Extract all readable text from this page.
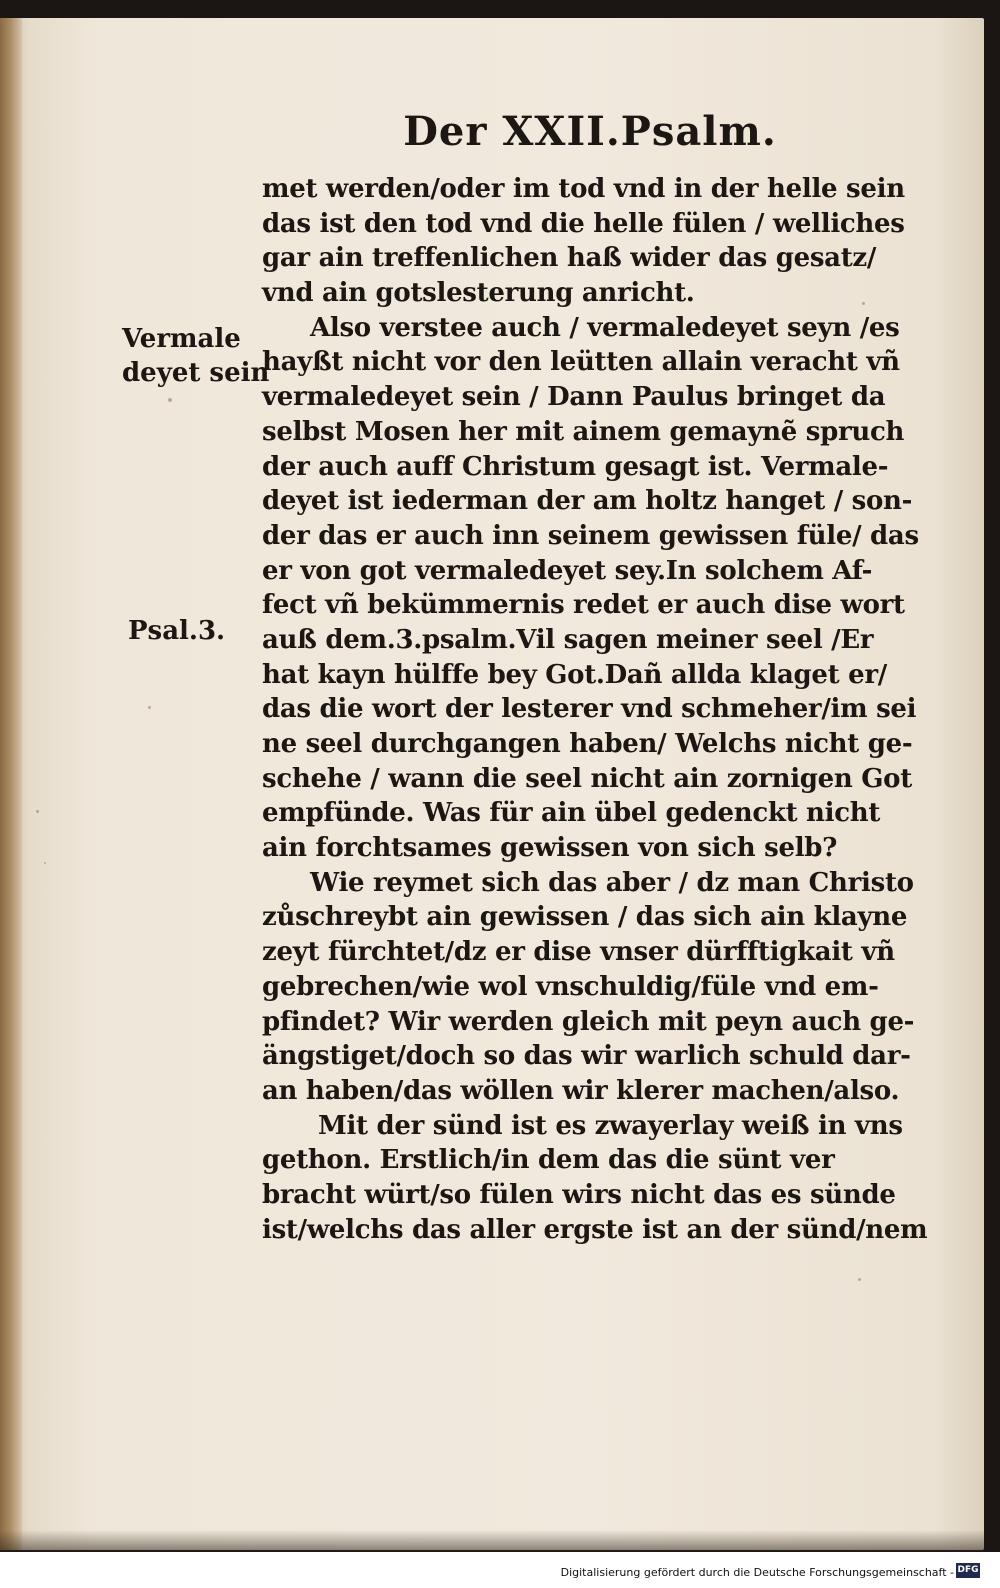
Der XXII.Psalm.
Vermale
deyet sein
Psal.3.
met werden/oder im tod vnd in der helle sein
das ist den tod vnd die helle fülen / welliches
gar ain treffenlichen haß wider das gesatz/
vnd ain gotslesterung anricht.
Also verstee auch / vermaledeyet seyn /es
hayßt nicht vor den leütten allain veracht vñ
vermaledeyet sein / Dann Paulus bringet da
selbst Mosen her mit ainem gemaynẽ spruch
der auch auff Christum gesagt ist. Vermale-
deyet ist iederman der am holtz hanget / son-
der das er auch inn seinem gewissen füle/ das
er von got vermaledeyet sey.In solchem Af-
fect vñ bekümmernis redet er auch dise wort
auß dem.3.psalm.Vil sagen meiner seel /Er
hat kayn hülffe bey Got.Dañ allda klaget er/
das die wort der lesterer vnd schmeher/im sei
ne seel durchgangen haben/ Welchs nicht ge-
schehe / wann die seel nicht ain zornigen Got
empfünde. Was für ain übel gedenckt nicht
ain forchtsames gewissen von sich selb?
Wie reymet sich das aber / dz man Christo
zůschreybt ain gewissen / das sich ain klayne
zeyt fürchtet/dz er dise vnser dürfftigkait vñ
gebrechen/wie wol vnschuldig/füle vnd em-
pfindet? Wir werden gleich mit peyn auch ge-
ängstiget/doch so das wir warlich schuld dar-
an haben/das wöllen wir klerer machen/also.
Mit der sünd ist es zwayerlay weiß in vns
gethon. Erstlich/in dem das die sünt ver
bracht würt/so fülen wirs nicht das es sünde
ist/welchs das aller ergste ist an der sünd/nem
Digitalisierung gefördert durch die Deutsche Forschungsgemeinschaft - DFG
